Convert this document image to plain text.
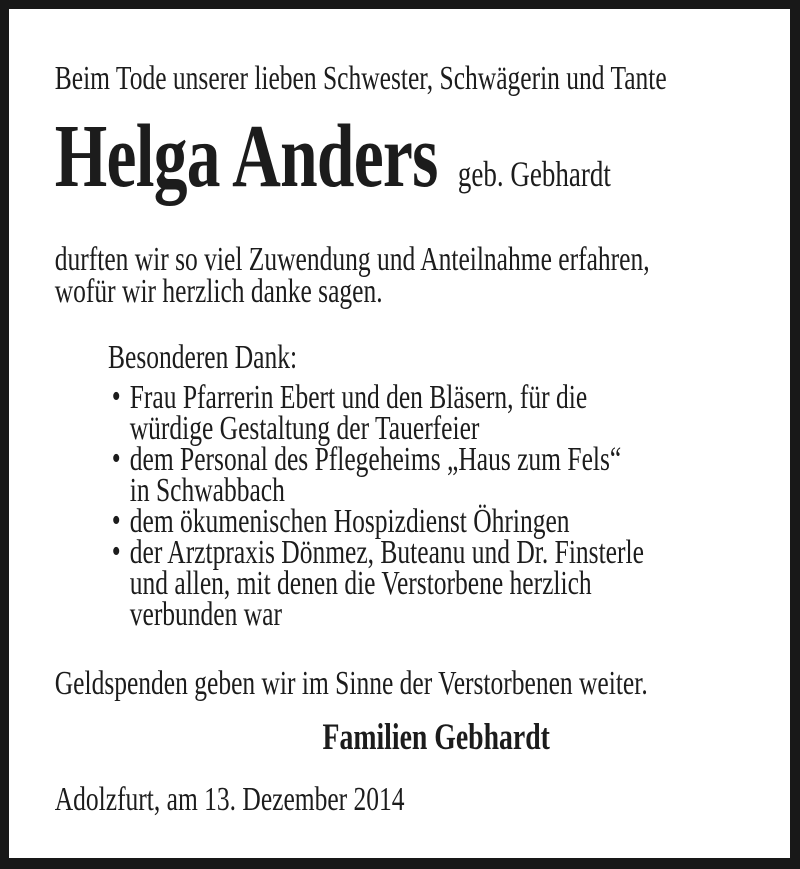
Beim Tode unserer lieben Schwester, Schwägerin und Tante
Helga Anders geb. Gebhardt
durften wir so viel Zuwendung und Anteilnahme erfahren,
wofür wir herzlich danke sagen.
Besonderen Dank:
• Frau Pfarrerin Ebert und den Bläsern, für die
würdige Gestaltung der Tauerfeier
• dem Personal des Pflegeheims „Haus zum Fels“
in Schwabbach
• dem ökumenischen Hospizdienst Öhringen
• der Arztpraxis Dönmez, Buteanu und Dr. Finsterle
und allen, mit denen die Verstorbene herzlich
verbunden war
Geldspenden geben wir im Sinne der Verstorbenen weiter.
Familien Gebhardt
Adolzfurt, am 13. Dezember 2014
